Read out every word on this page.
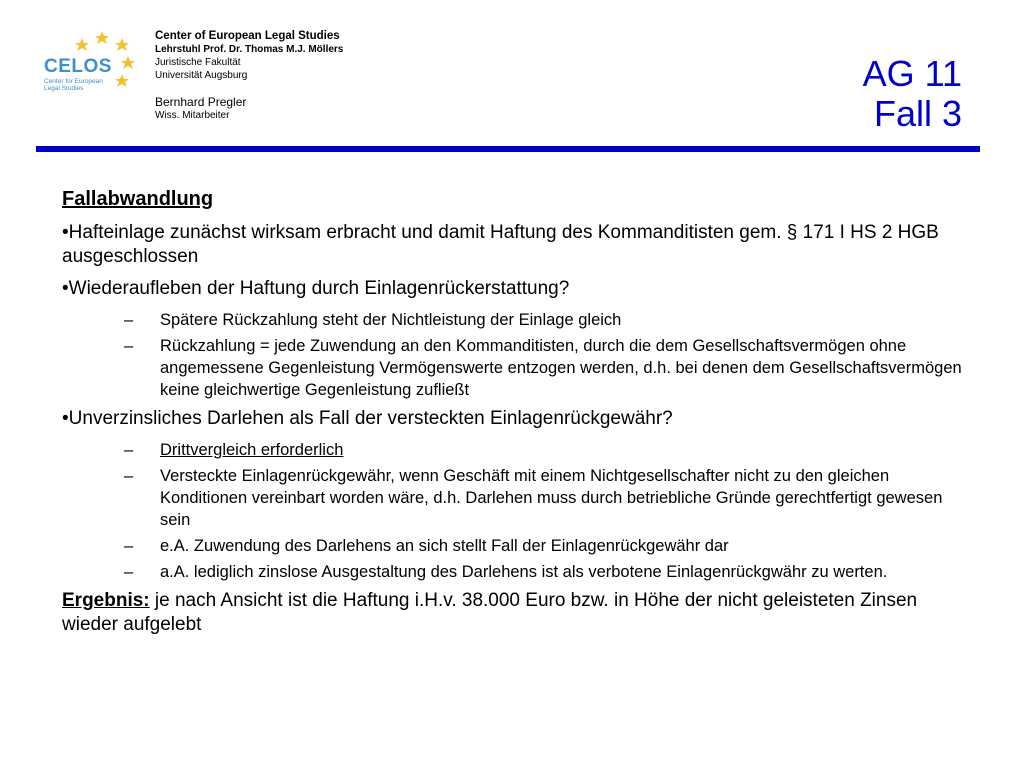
CELOS
Center for European Legal Studies
Center of European Legal Studies
Lehrstuhl Prof. Dr. Thomas M.J. Möllers
Juristische Fakultät
Universität Augsburg
Bernhard Pregler
Wiss. Mitarbeiter
AG 11
Fall 3
Fallabwandlung
•Hafteinlage zunächst wirksam erbracht und damit Haftung des Kommanditisten gem. § 171 I HS 2 HGB ausgeschlossen
•Wiederaufleben der Haftung durch Einlagenrückerstattung?
–	Spätere Rückzahlung steht der Nichtleistung der Einlage gleich
–	Rückzahlung = jede Zuwendung an den Kommanditisten, durch die dem Gesellschaftsvermögen ohne angemessene Gegenleistung Vermögenswerte entzogen werden, d.h. bei denen dem Gesellschaftsvermögen keine gleichwertige Gegenleistung zufließt
•Unverzinsliches Darlehen als Fall der versteckten Einlagenrückgewähr?
–	Drittvergleich erforderlich
–	Versteckte Einlagenrückgewähr, wenn Geschäft mit einem Nichtgesellschafter nicht zu den gleichen Konditionen vereinbart worden wäre, d.h. Darlehen muss durch betriebliche Gründe gerechtfertigt gewesen sein
–	e.A. Zuwendung des Darlehens an sich stellt Fall der Einlagenrückgewähr dar
–	a.A. lediglich zinslose Ausgestaltung des Darlehens ist als verbotene Einlagenrückgwähr zu werten.
Ergebnis: je nach Ansicht ist die Haftung i.H.v. 38.000 Euro bzw. in Höhe der nicht geleisteten Zinsen wieder aufgelebt
